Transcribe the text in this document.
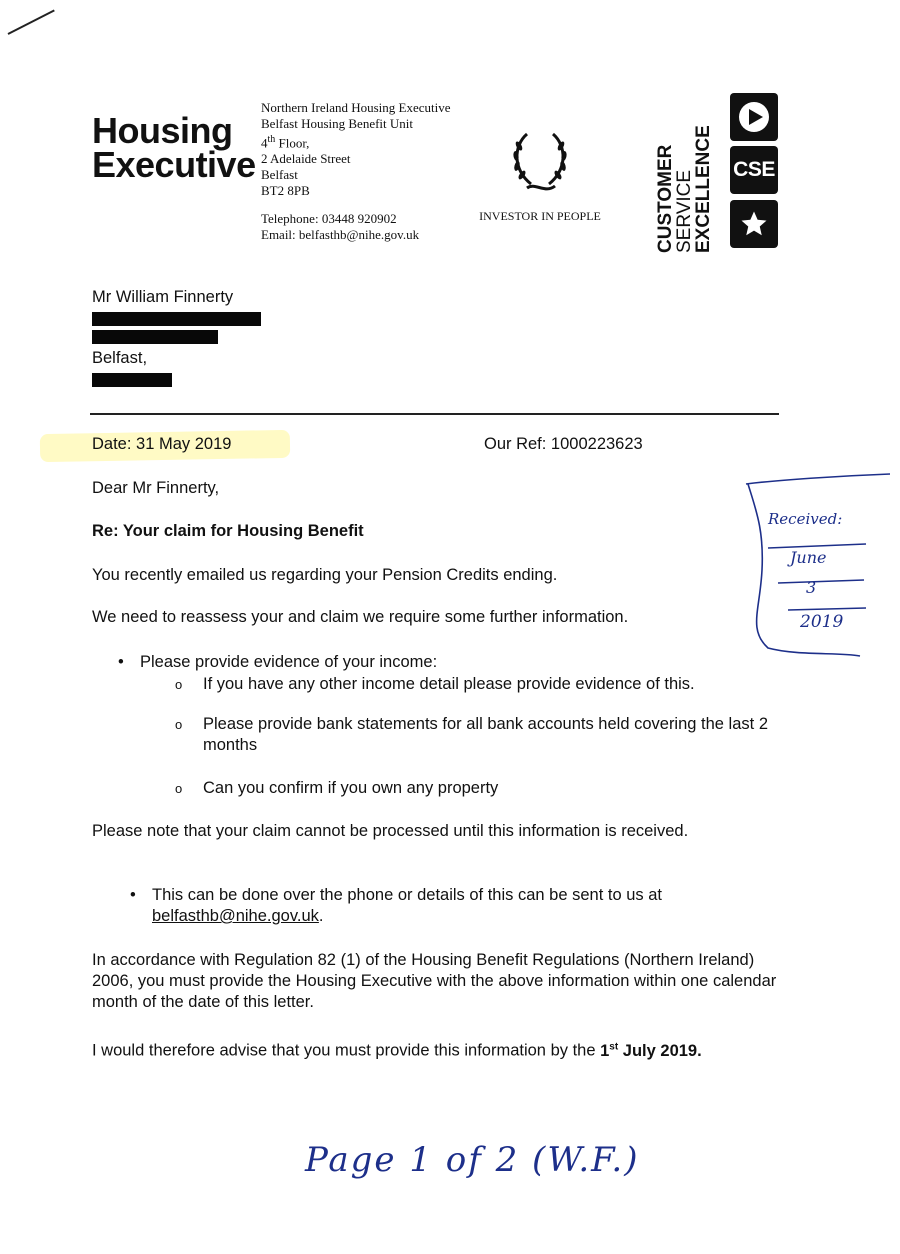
Housing
Executive
Northern Ireland Housing Executive
Belfast Housing Benefit Unit
4th Floor,
2 Adelaide Street
Belfast
BT2 8PB
Telephone: 03448 920902
Email: belfasthb@nihe.gov.uk
INVESTOR IN PEOPLE	CUSTOMER
SERVICE
EXCELLENCE CSE
Mr William Finnerty
Belfast,
Date: 31 May 2019	Our Ref: 1000223623
Dear Mr Finnerty,
Re: Your claim for Housing Benefit
You recently emailed us regarding your Pension Credits ending.
We need to reassess your and claim we require some further information.
• Please provide evidence of your income:
o	If you have any other income detail please provide evidence of this.
o	Please provide bank statements for all bank accounts held covering the last 2 months
o	Can you confirm if you own any property
Please note that your claim cannot be processed until this information is received.
• This can be done over the phone or details of this can be sent to us at
belfasthb@nihe.gov.uk.
In accordance with Regulation 82 (1) of the Housing Benefit Regulations (Northern Ireland) 2006, you must provide the Housing Executive with the above information within one calendar month of the date of this letter.
I would therefore advise that you must provide this information by the 1st July 2019.
Received:
June
3
2019
Page 1 of 2 (W.F.)
